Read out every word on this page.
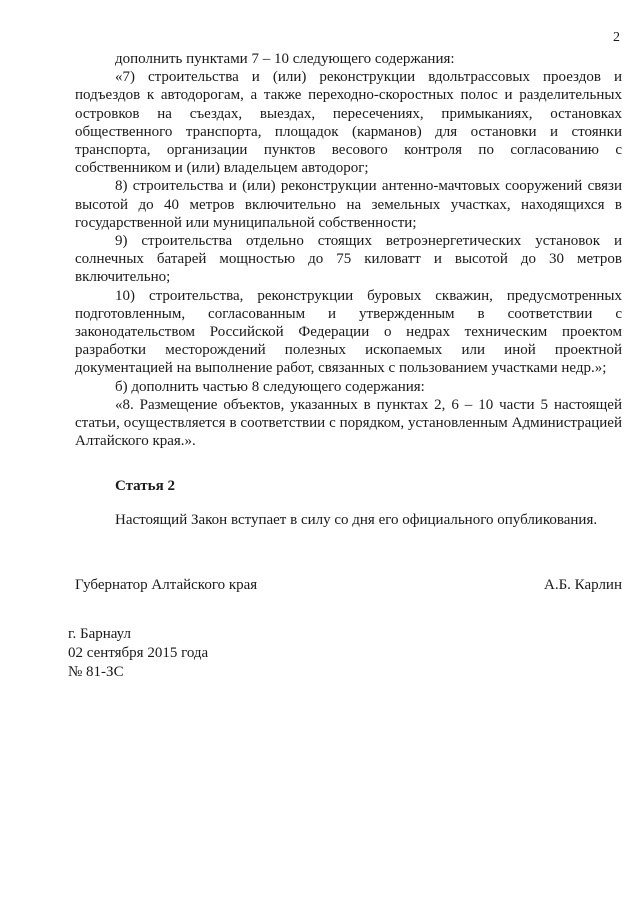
2

дополнить пунктами 7 – 10 следующего содержания:

«7) строительства и (или) реконструкции вдольтрассовых проездов и подъездов к автодорогам, а также переходно-скоростных полос и разделительных островков на съездах, выездах, пересечениях, примыканиях, остановках общественного транспорта, площадок (карманов) для остановки и стоянки транспорта, организации пунктов весового контроля по согласованию с собственником и (или) владельцем автодорог;

8) строительства и (или) реконструкции антенно-мачтовых сооружений связи высотой до 40 метров включительно на земельных участках, находящихся в государственной или муниципальной собственности;

9) строительства отдельно стоящих ветроэнергетических установок и солнечных батарей мощностью до 75 киловатт и высотой до 30 метров включительно;

10) строительства, реконструкции буровых скважин, предусмотренных подготовленным, согласованным и утвержденным в соответствии с законодательством Российской Федерации о недрах техническим проектом разработки месторождений полезных ископаемых или иной проектной документацией на выполнение работ, связанных с пользованием участками недр.»;

б) дополнить частью 8 следующего содержания:

«8. Размещение объектов, указанных в пунктах 2, 6 – 10 части 5 настоящей статьи, осуществляется в соответствии с порядком, установленным Администрацией Алтайского края.».

Статья 2
Настоящий Закон вступает в силу со дня его официального опубликования.
Губернатор Алтайского края	А.Б. Карлин
г. Барнаул
02 сентября 2015 года
№ 81-ЗС
